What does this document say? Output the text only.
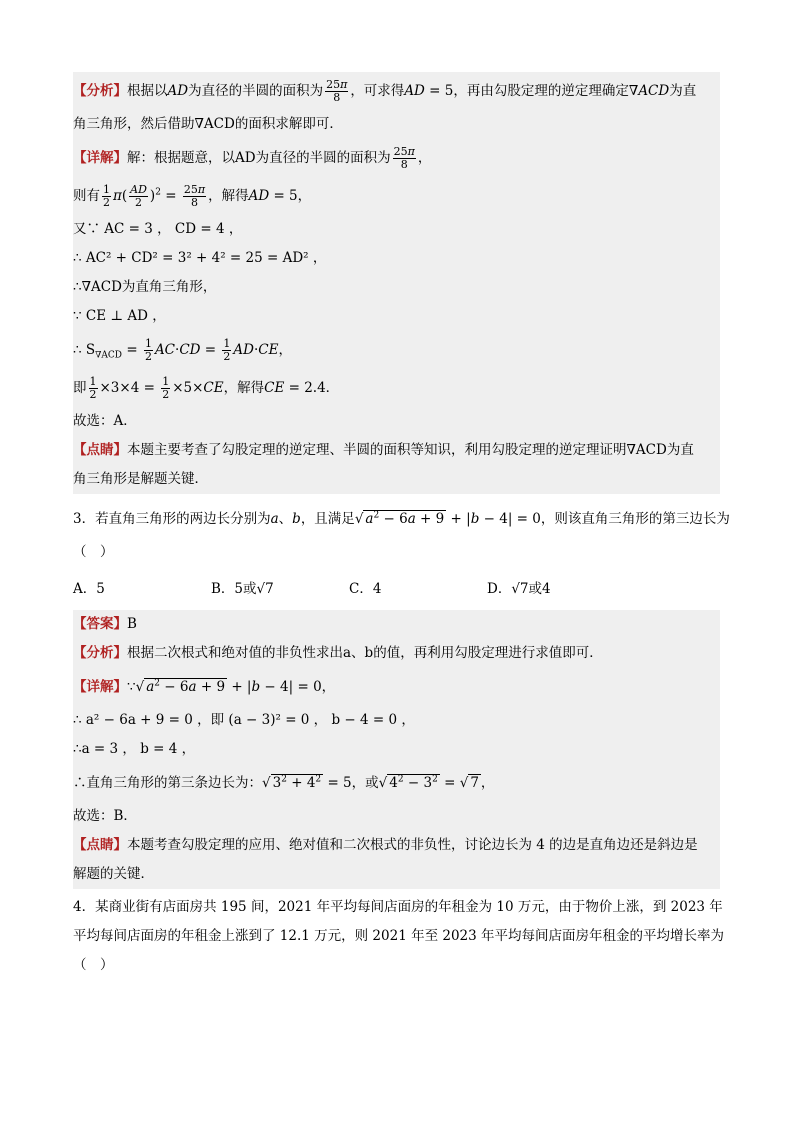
【分析】根据以AD为直径的半圆的面积为 $\frac{25\pi}{8}$ ，可求得AD = 5，再由勾股定理的逆定理确定∇ACD为直
角三角形，然后借助∇ACD的面积求解即可．
【详解】解：根据题意，以AD为直径的半圆的面积为 $\frac{25\pi}{8}$ ，
则有 $\frac{1}{2} \pi( \frac{AD}{2} )^2 = \frac{25\pi}{8}$ ，解得AD = 5，
又∵ AC = 3 ， CD = 4 ，
∴ AC² + CD² = 3² + 4² = 25 = AD² ，
∴∇ACD为直角三角形，
∵ CE ⊥ AD ，
∴ $S_{\nabla ACD} = \frac{1}{2} AC\cdot CD = \frac{1}{2} AD\cdot CE$，
即 $\frac{1}{2} \times 3\times 4 = \frac{1}{2} \times 5\times CE$，解得CE = 2.4．
故选：A．
【点睛】本题主要考查了勾股定理的逆定理、半圆的面积等知识，利用勾股定理的逆定理证明∇ACD为直
角三角形是解题关键．
3．若直角三角形的两边长分别为a、b，且满足√ $a^2 - 6a + 9 + |b - 4| = 0$，则该直角三角形的第三边长为
（　）
A．5	B．5或√7	C．4	D．√7或4
【答案】B
【分析】根据二次根式和绝对值的非负性求出a、b的值，再利用勾股定理进行求值即可．
【详解】∵√ $a^2 - 6a + 9 + |b - 4| = 0$，
∴ a² − 6a + 9 = 0 ，即 (a − 3)² = 0 ， b − 4 = 0 ，
∴a = 3 ， b = 4 ，
∴直角三角形的第三条边长为：√ $3^2 + 4^2 = 5$，或√ $4^2 - 3^2$ = √ 7 ，
故选：B．
【点睛】本题考查勾股定理的应用、绝对值和二次根式的非负性，讨论边长为 4 的边是直角边还是斜边是
解题的关键．
4．某商业街有店面房共 195 间，2021 年平均每间店面房的年租金为 10 万元，由于物价上涨，到 2023 年
平均每间店面房的年租金上涨到了 12.1 万元，则 2021 年至 2023 年平均每间店面房年租金的平均增长率为
（　）
